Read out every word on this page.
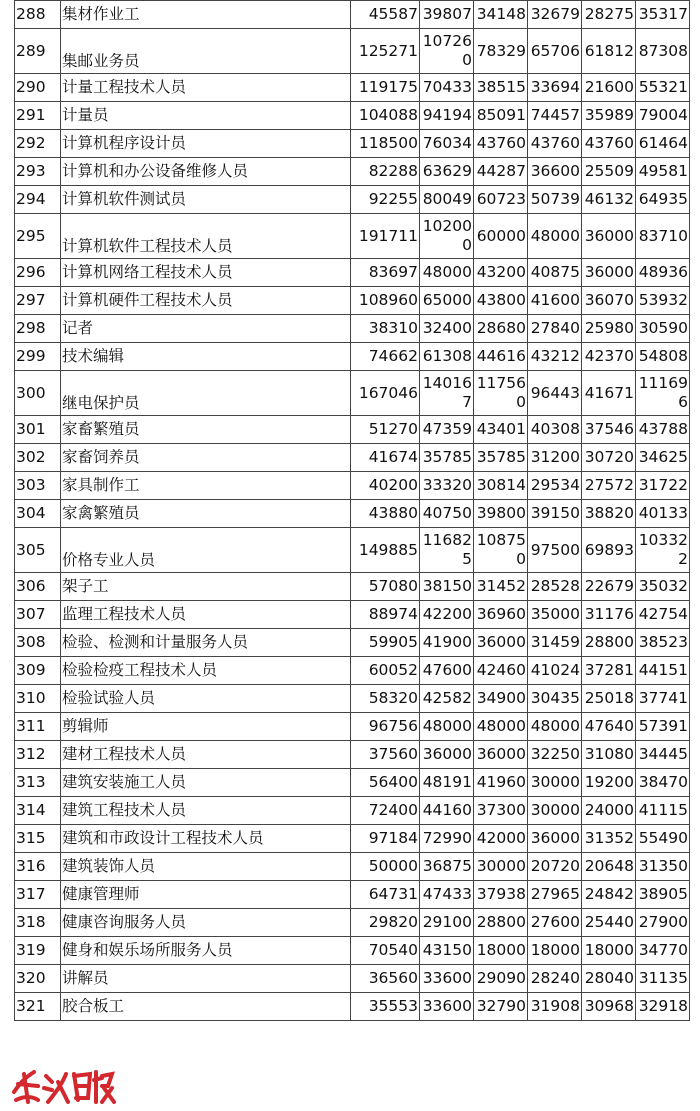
288	集材作业工	45587	39807	34148	32679	28275	35317
289	集邮业务员	125271	107260	78329	65706	61812	87308
290	计量工程技术人员	119175	70433	38515	33694	21600	55321
291	计量员	104088	94194	85091	74457	35989	79004
292	计算机程序设计员	118500	76034	43760	43760	43760	61464
293	计算机和办公设备维修人员	82288	63629	44287	36600	25509	49581
294	计算机软件测试员	92255	80049	60723	50739	46132	64935
295	计算机软件工程技术人员	191711	102000	60000	48000	36000	83710
296	计算机网络工程技术人员	83697	48000	43200	40875	36000	48936
297	计算机硬件工程技术人员	108960	65000	43800	41600	36070	53932
298	记者	38310	32400	28680	27840	25980	30590
299	技术编辑	74662	61308	44616	43212	42370	54808
300	继电保护员	167046	140167	117560	96443	41671	111696
301	家畜繁殖员	51270	47359	43401	40308	37546	43788
302	家畜饲养员	41674	35785	35785	31200	30720	34625
303	家具制作工	40200	33320	30814	29534	27572	31722
304	家禽繁殖员	43880	40750	39800	39150	38820	40133
305	价格专业人员	149885	116825	108750	97500	69893	103322
306	架子工	57080	38150	31452	28528	22679	35032
307	监理工程技术人员	88974	42200	36960	35000	31176	42754
308	检验、检测和计量服务人员	59905	41900	36000	31459	28800	38523
309	检验检疫工程技术人员	60052	47600	42460	41024	37281	44151
310	检验试验人员	58320	42582	34900	30435	25018	37741
311	剪辑师	96756	48000	48000	48000	47640	57391
312	建材工程技术人员	37560	36000	36000	32250	31080	34445
313	建筑安装施工人员	56400	48191	41960	30000	19200	38470
314	建筑工程技术人员	72400	44160	37300	30000	24000	41115
315	建筑和市政设计工程技术人员	97184	72990	42000	36000	31352	55490
316	建筑装饰人员	50000	36875	30000	20720	20648	31350
317	健康管理师	64731	47433	37938	27965	24842	38905
318	健康咨询服务人员	29820	29100	28800	27600	25440	27900
319	健身和娱乐场所服务人员	70540	43150	18000	18000	18000	34770
320	讲解员	36560	33600	29090	28240	28040	31135
321	胶合板工	35553	33600	32790	31908	30968	32918
